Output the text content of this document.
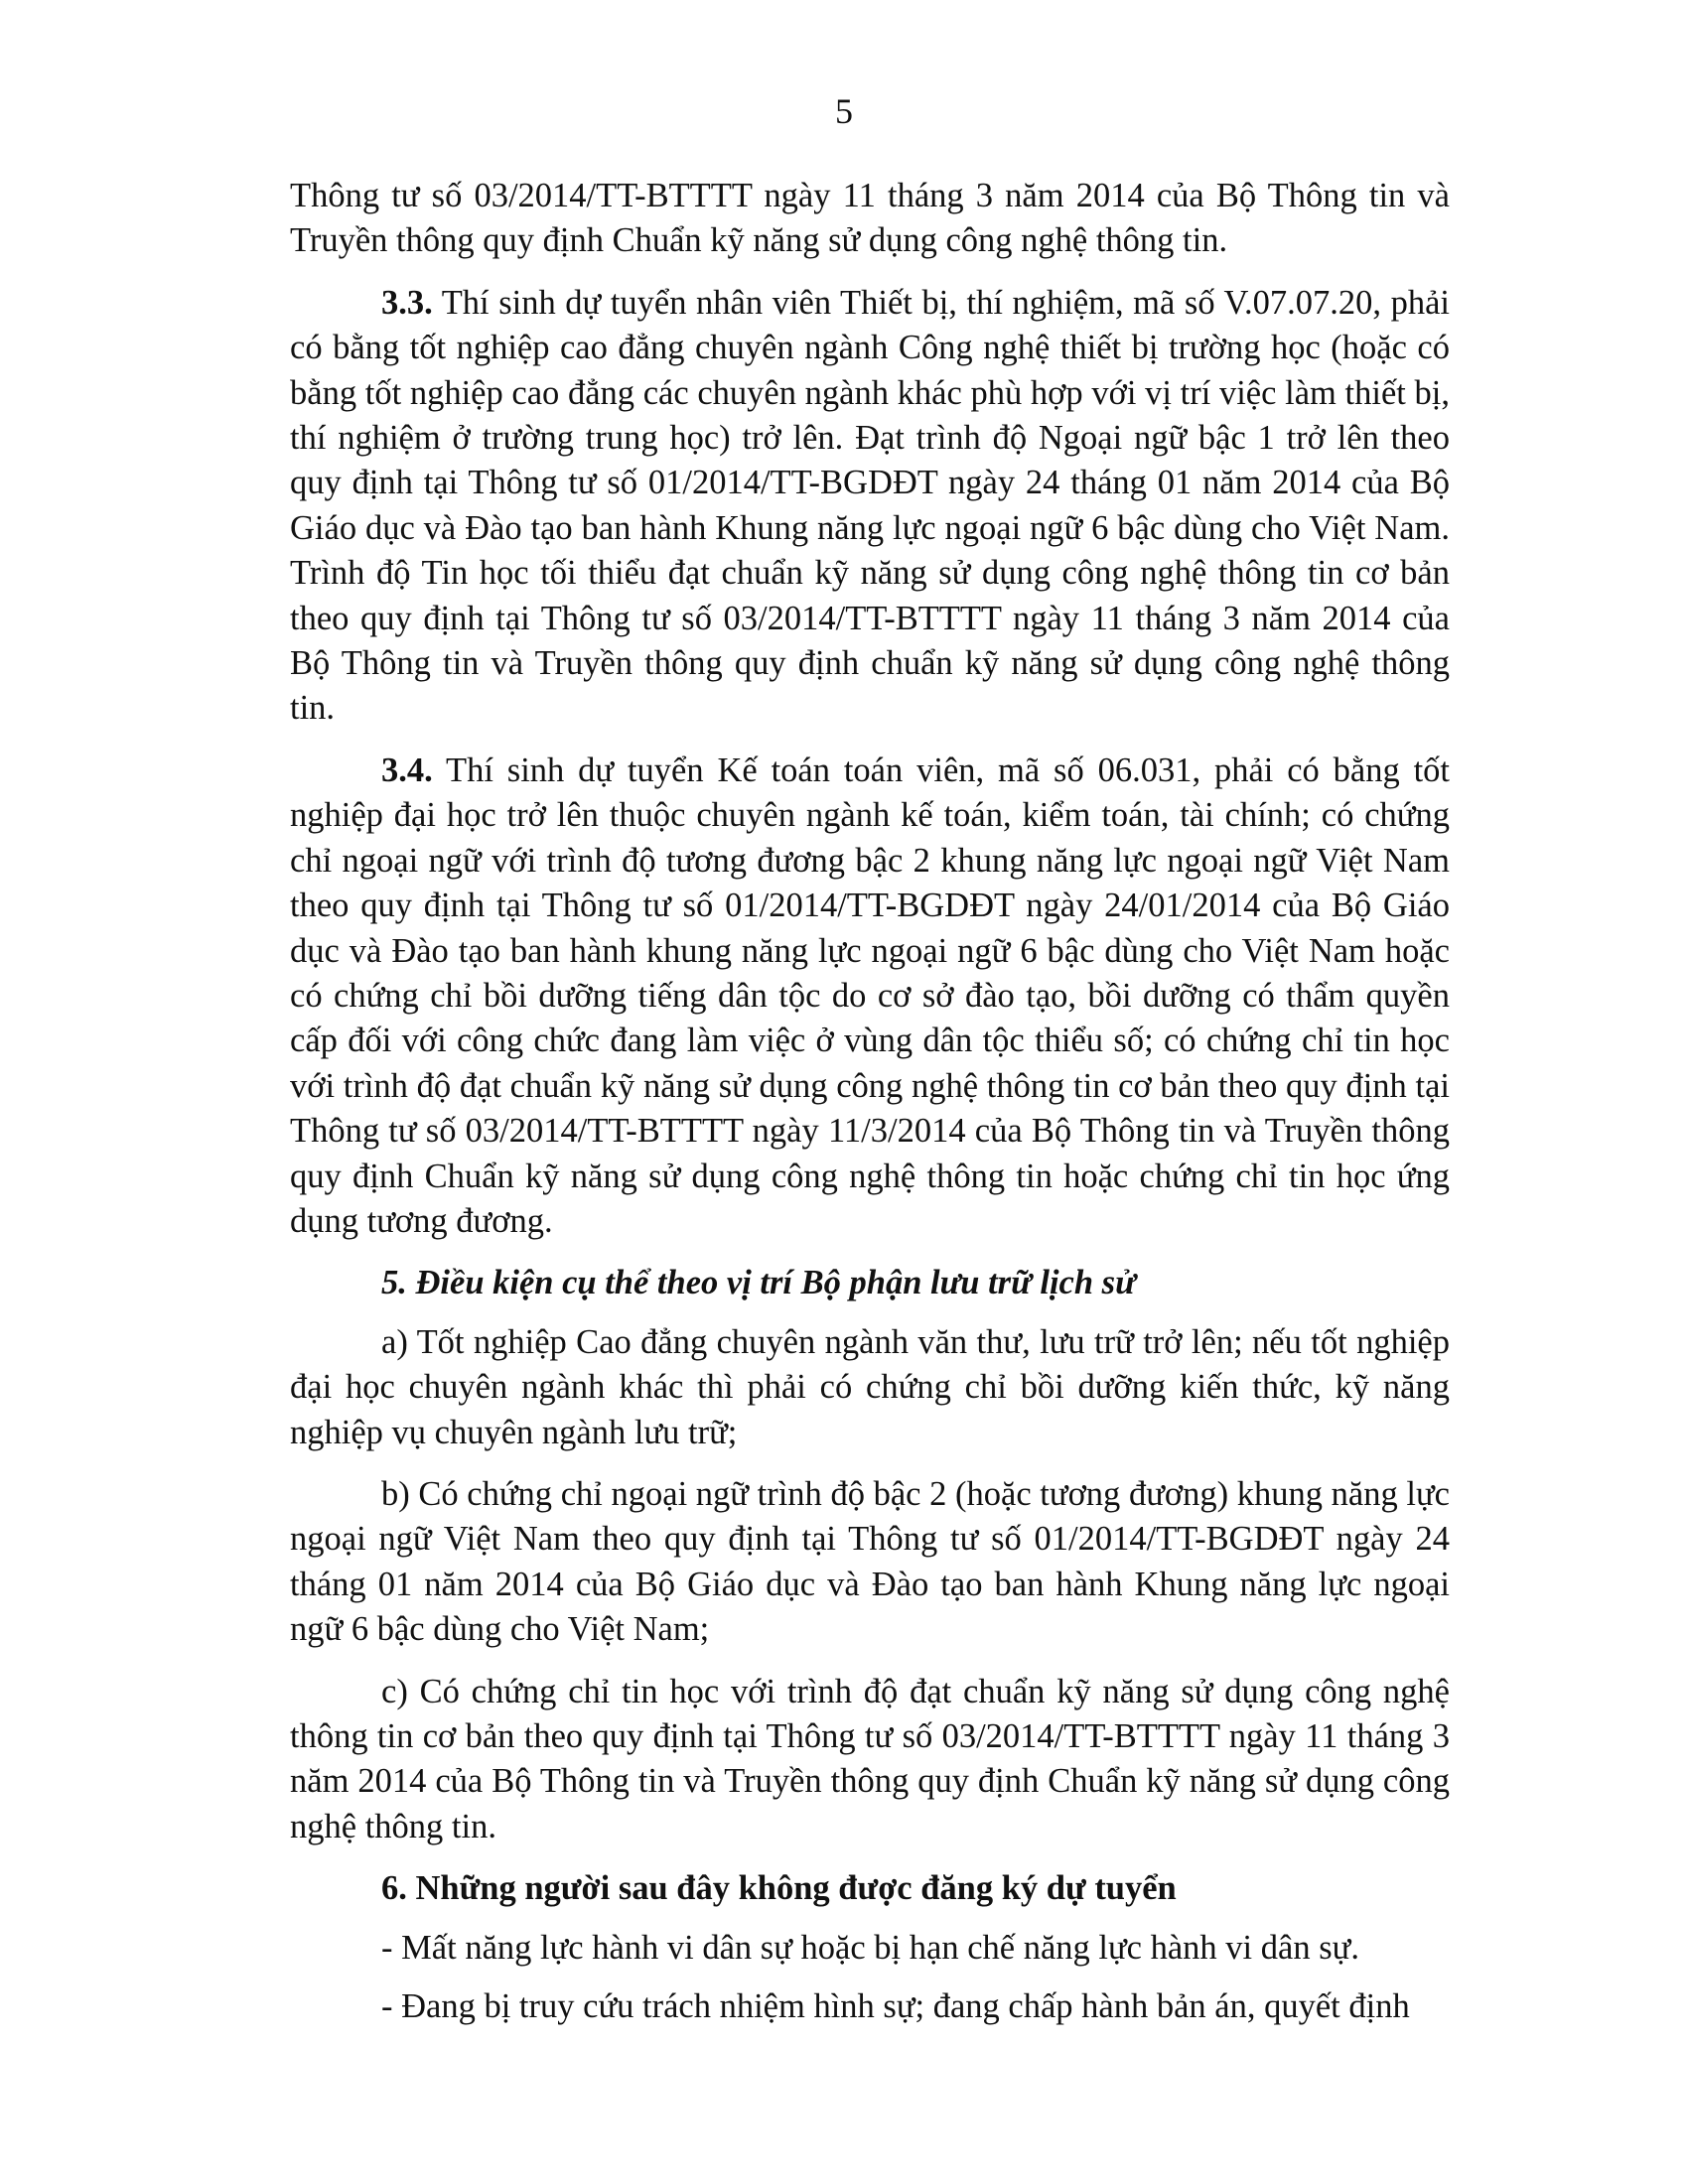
5

Thông tư số 03/2014/TT-BTTTT ngày 11 tháng 3 năm 2014 của Bộ Thông tin và Truyền thông quy định Chuẩn kỹ năng sử dụng công nghệ thông tin.

3.3. Thí sinh dự tuyển nhân viên Thiết bị, thí nghiệm, mã số V.07.07.20, phải có bằng tốt nghiệp cao đẳng chuyên ngành Công nghệ thiết bị trường học (hoặc có bằng tốt nghiệp cao đẳng các chuyên ngành khác phù hợp với vị trí việc làm thiết bị, thí nghiệm ở trường trung học) trở lên. Đạt trình độ Ngoại ngữ bậc 1 trở lên theo quy định tại Thông tư số 01/2014/TT-BGDĐT ngày 24 tháng 01 năm 2014 của Bộ Giáo dục và Đào tạo ban hành Khung năng lực ngoại ngữ 6 bậc dùng cho Việt Nam. Trình độ Tin học tối thiểu đạt chuẩn kỹ năng sử dụng công nghệ thông tin cơ bản theo quy định tại Thông tư số 03/2014/TT-BTTTT ngày 11 tháng 3 năm 2014 của Bộ Thông tin và Truyền thông quy định chuẩn kỹ năng sử dụng công nghệ thông tin.

3.4. Thí sinh dự tuyển Kế toán toán viên, mã số 06.031, phải có bằng tốt nghiệp đại học trở lên thuộc chuyên ngành kế toán, kiểm toán, tài chính; có chứng chỉ ngoại ngữ với trình độ tương đương bậc 2 khung năng lực ngoại ngữ Việt Nam theo quy định tại Thông tư số 01/2014/TT-BGDĐT ngày 24/01/2014 của Bộ Giáo dục và Đào tạo ban hành khung năng lực ngoại ngữ 6 bậc dùng cho Việt Nam hoặc có chứng chỉ bồi dưỡng tiếng dân tộc do cơ sở đào tạo, bồi dưỡng có thẩm quyền cấp đối với công chức đang làm việc ở vùng dân tộc thiểu số; có chứng chỉ tin học với trình độ đạt chuẩn kỹ năng sử dụng công nghệ thông tin cơ bản theo quy định tại Thông tư số 03/2014/TT-BTTTT ngày 11/3/2014 của Bộ Thông tin và Truyền thông quy định Chuẩn kỹ năng sử dụng công nghệ thông tin hoặc chứng chỉ tin học ứng dụng tương đương.

5. Điều kiện cụ thể theo vị trí Bộ phận lưu trữ lịch sử

a) Tốt nghiệp Cao đẳng chuyên ngành văn thư, lưu trữ trở lên; nếu tốt nghiệp đại học chuyên ngành khác thì phải có chứng chỉ bồi dưỡng kiến thức, kỹ năng nghiệp vụ chuyên ngành lưu trữ;

b) Có chứng chỉ ngoại ngữ trình độ bậc 2 (hoặc tương đương) khung năng lực ngoại ngữ Việt Nam theo quy định tại Thông tư số 01/2014/TT-BGDĐT ngày 24 tháng 01 năm 2014 của Bộ Giáo dục và Đào tạo ban hành Khung năng lực ngoại ngữ 6 bậc dùng cho Việt Nam;

c) Có chứng chỉ tin học với trình độ đạt chuẩn kỹ năng sử dụng công nghệ thông tin cơ bản theo quy định tại Thông tư số 03/2014/TT-BTTTT ngày 11 tháng 3 năm 2014 của Bộ Thông tin và Truyền thông quy định Chuẩn kỹ năng sử dụng công nghệ thông tin.

6. Những người sau đây không được đăng ký dự tuyển

- Mất năng lực hành vi dân sự hoặc bị hạn chế năng lực hành vi dân sự.

- Đang bị truy cứu trách nhiệm hình sự; đang chấp hành bản án, quyết định
